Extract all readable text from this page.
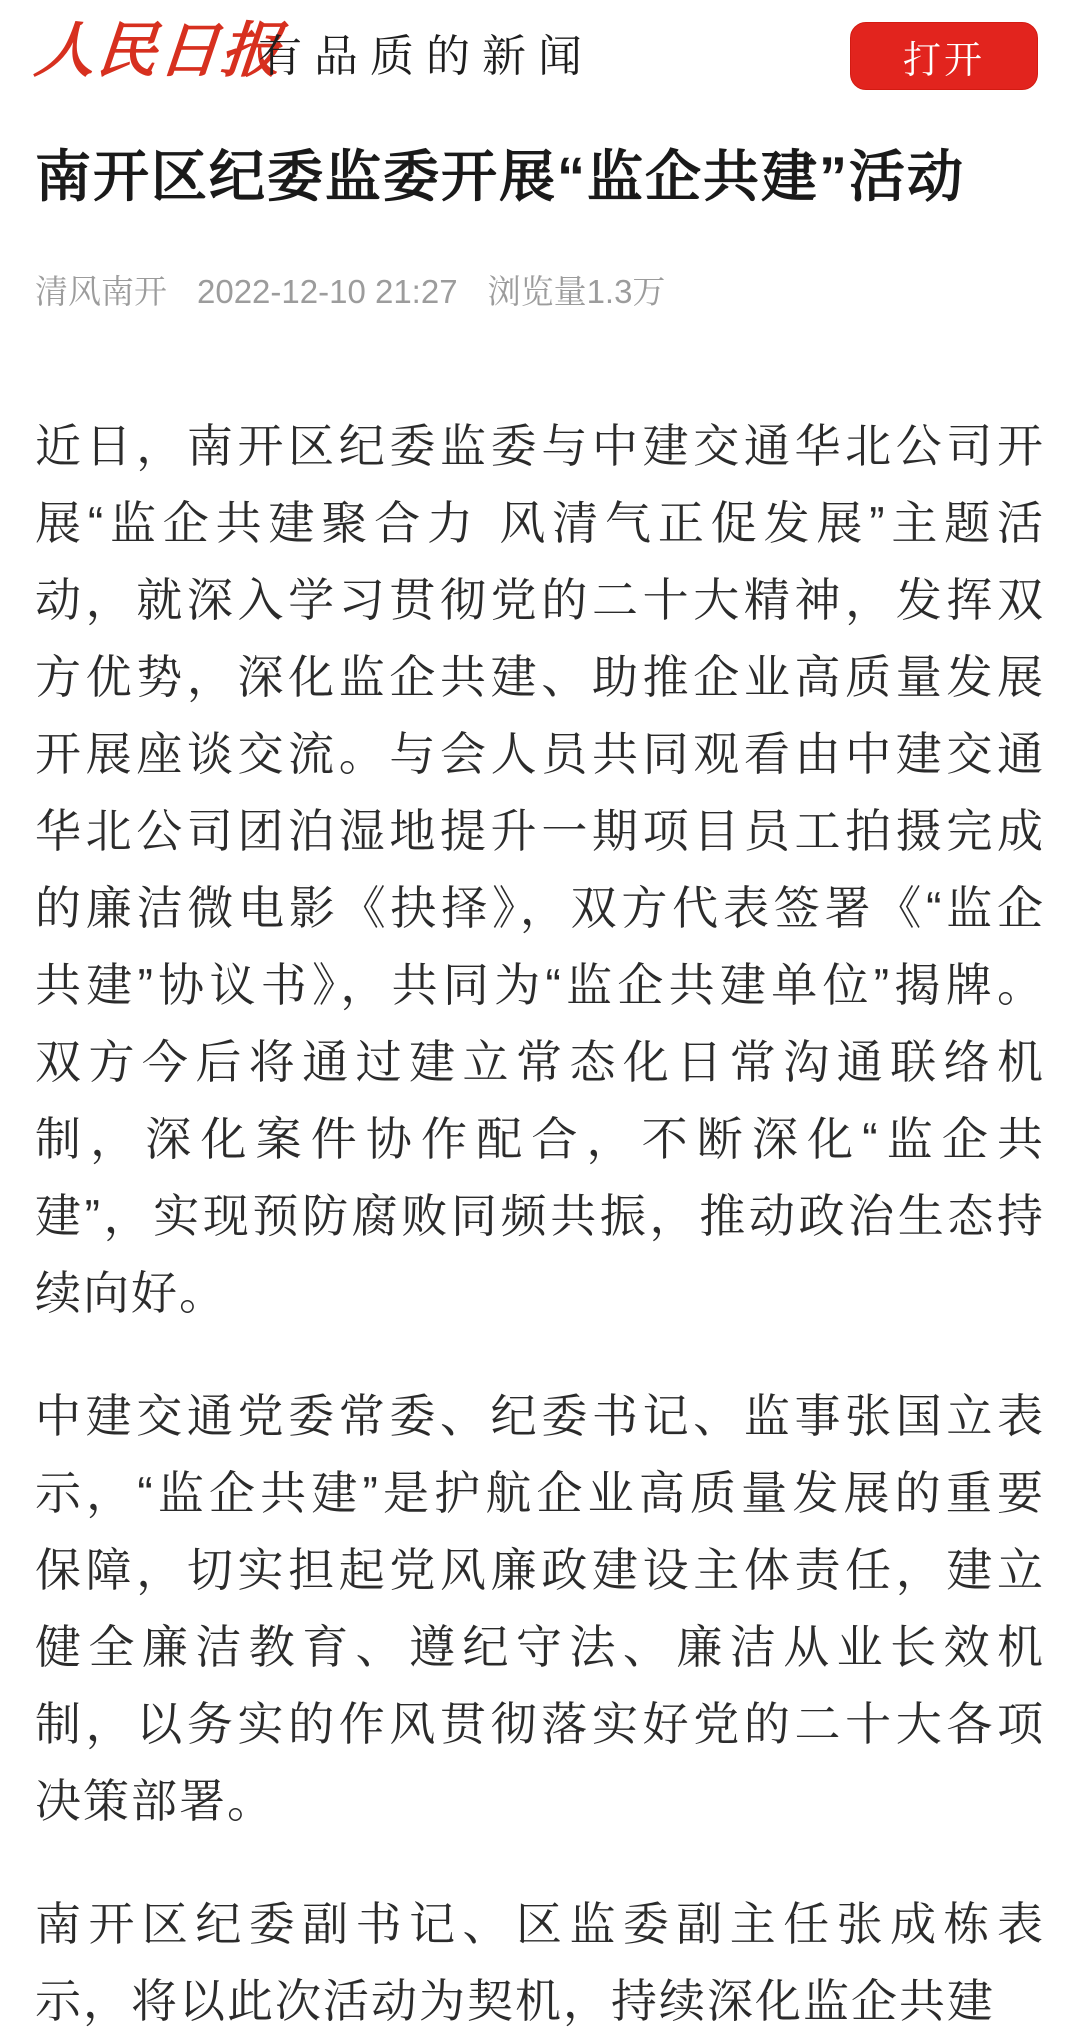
人民日报
有品质的新闻	打开
南开区纪委监委开展“监企共建”活动
清风南开 2022-12-10 21:27 浏览量1.3万
近日，南开区纪委监委与中建交通华北公司开
展“监企共建聚合力 风清气正促发展”主题活
动，就深入学习贯彻党的二十大精神，发挥双
方优势，深化监企共建、助推企业高质量发展
开展座谈交流。与会人员共同观看由中建交通
华北公司团泊湿地提升一期项目员工拍摄完成
的廉洁微电影《抉择》，双方代表签署《“监企
共建”协议书》，共同为“监企共建单位”揭牌。
双方今后将通过建立常态化日常沟通联络机
制，深化案件协作配合，不断深化“监企共
建”，实现预防腐败同频共振，推动政治生态持
续向好。
中建交通党委常委、纪委书记、监事张国立表
示，“监企共建”是护航企业高质量发展的重要
保障，切实担起党风廉政建设主体责任，建立
健全廉洁教育、遵纪守法、廉洁从业长效机
制，以务实的作风贯彻落实好党的二十大各项
决策部署。
南开区纪委副书记、区监委副主任张成栋表
示，将以此次活动为契机，持续深化监企共建
